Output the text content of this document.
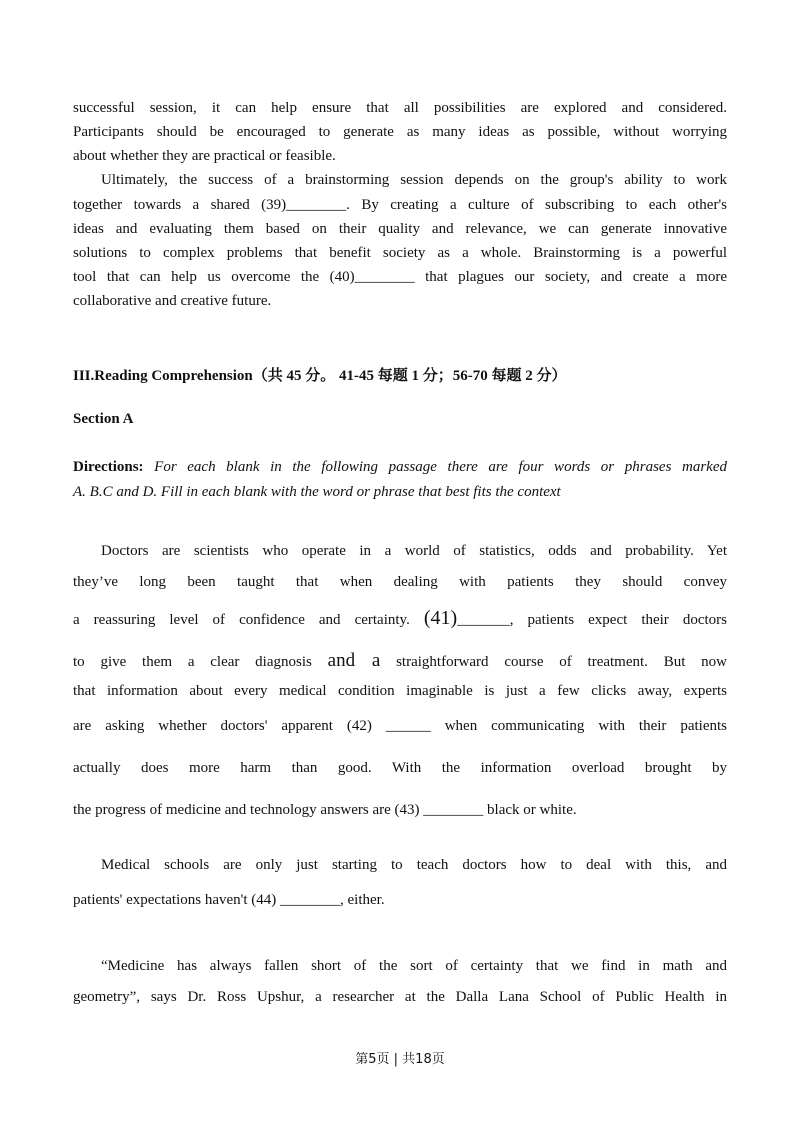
successful session, it can help ensure that all possibilities are explored and considered.

Participants should be encouraged to generate as many ideas as possible, without worrying

about whether they are practical or feasible.

Ultimately, the success of a brainstorming session depends on the group's ability to work

together towards a shared (39)________. By creating a culture of subscribing to each other's

ideas and evaluating them based on their quality and relevance, we can generate innovative

solutions to complex problems that benefit society as a whole. Brainstorming is a powerful

tool that can help us overcome the (40)________ that plagues our society, and create a more

collaborative and creative future.

III.Reading Comprehension（共 45 分。 41-45 每题 1 分；56-70 每题 2 分）

Section A

Directions: For each blank in the following passage there are four words or phrases marked

A. B.C and D. Fill in each blank with the word or phrase that best fits the context

Doctors are scientists who operate in a world of statistics, odds and probability. Yet

they’ve long been taught that when dealing with patients they should convey

a reassuring level of confidence and certainty. (41)_______, patients expect their doctors

to give them a clear diagnosis and a straightforward course of treatment. But now

that information about every medical condition imaginable is just a few clicks away, experts

are asking whether doctors' apparent (42) ______ when communicating with their patients

actually does more harm than good. With the information overload brought by

the progress of medicine and technology answers are (43) ________ black or white.

Medical schools are only just starting to teach doctors how to deal with this, and

patients' expectations haven't (44) ________, either.

“Medicine has always fallen short of the sort of certainty that we find in math and

geometry”, says Dr. Ross Upshur, a researcher at the Dalla Lana School of Public Health in

第5页 | 共18页
